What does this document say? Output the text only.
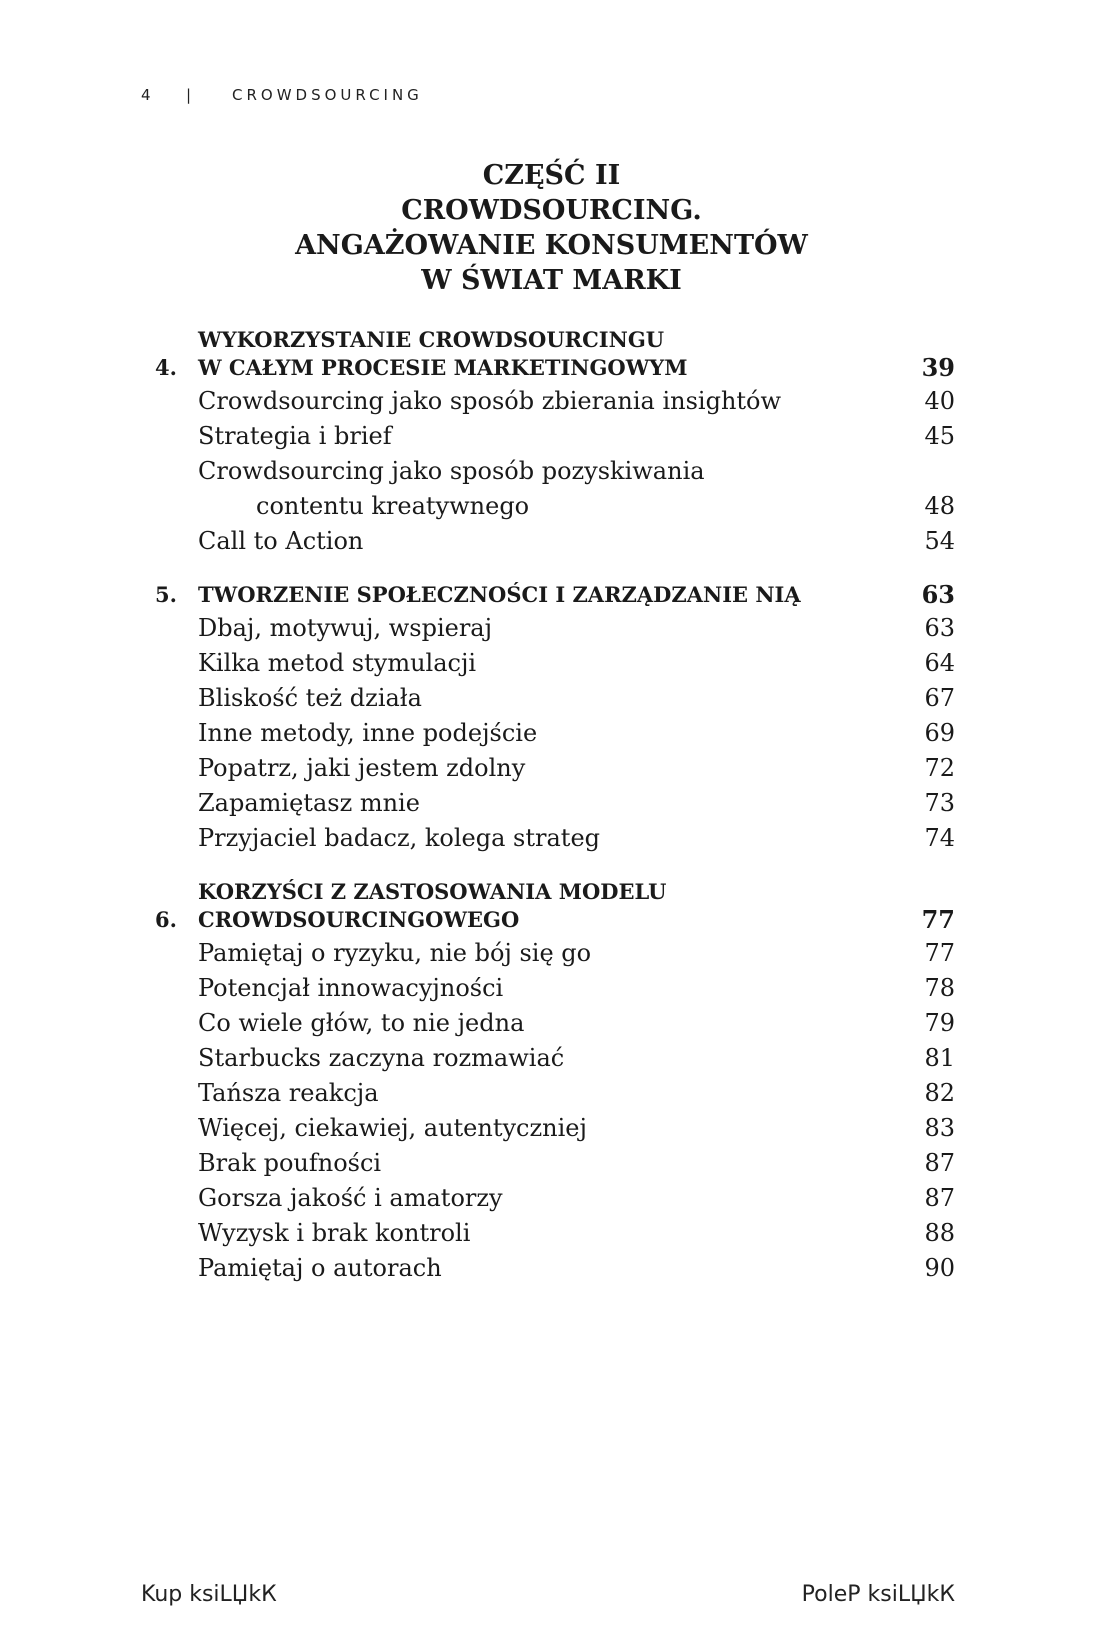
4 |	CROWDSOURCING
CZĘŚĆ II
CROWDSOURCING.
ANGAŻOWANIE KONSUMENTÓW
W ŚWIAT MARKI
4.
WYKORZYSTANIE CROWDSOURCINGU
W CAŁYM PROCESIE MARKETINGOWYM	39
Crowdsourcing jako sposób zbierania insightów	40
Strategia i brief	45
Crowdsourcing jako sposób pozyskiwania
contentu kreatywnego	48
Call to Action	54
5.	TWORZENIE SPOŁECZNOŚCI I ZARZĄDZANIE NIĄ	63
Dbaj, motywuj, wspieraj	63
Kilka metod stymulacji	64
Bliskość też działa	67
Inne metody, inne podejście	69
Popatrz, jaki jestem zdolny	72
Zapamiętasz mnie	73
Przyjaciel badacz, kolega strateg	74
6.
KORZYŚCI Z ZASTOSOWANIA MODELU
CROWDSOURCINGOWEGO	77
Pamiętaj o ryzyku, nie bój się go	77
Potencjał innowacyjności	78
Co wiele głów, to nie jedna	79
Starbucks zaczyna rozmawiać	81
Tańsza reakcja	82
Więcej, ciekawiej, autentyczniej	83
Brak poufności	87
Gorsza jakość i amatorzy	87
Wyzysk i brak kontroli	88
Pamiętaj o autorach	90
Kup ksiLЏkК	PoleP ksiLЏkК
